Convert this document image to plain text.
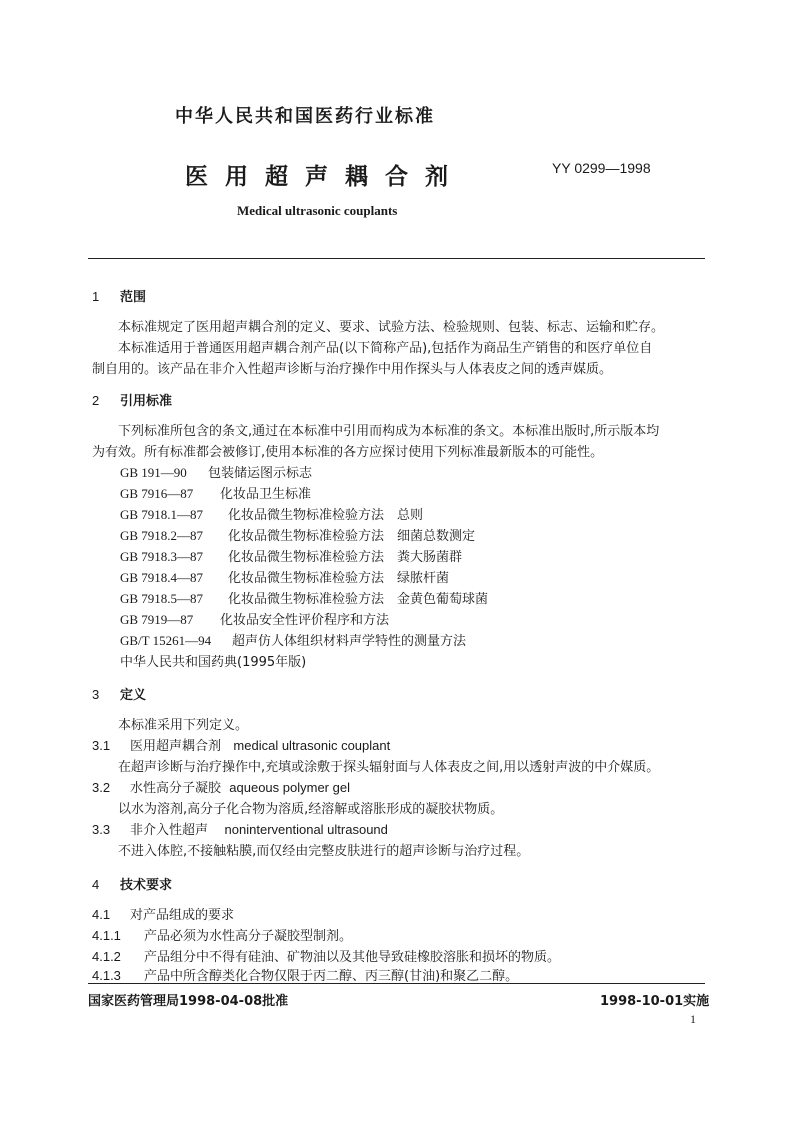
中华人民共和国医药行业标准
医用超声耦合剂	YY 0299—1998
Medical ultrasonic couplants
1 范围
本标准规定了医用超声耦合剂的定义、要求、试验方法、检验规则、包装、标志、运输和贮存。
本标准适用于普通医用超声耦合剂产品(以下简称产品),包括作为商品生产销售的和医疗单位自
制自用的。该产品在非介入性超声诊断与治疗操作中用作探头与人体表皮之间的透声媒质。
2 引用标准
下列标准所包含的条文,通过在本标准中引用而构成为本标准的条文。本标准出版时,所示版本均
为有效。所有标准都会被修订,使用本标准的各方应探讨使用下列标准最新版本的可能性。
GB 191—90 包装储运图示标志
GB 7916—87 化妆品卫生标准
GB 7918.1—87 化妆品微生物标准检验方法　总则
GB 7918.2—87 化妆品微生物标准检验方法　细菌总数测定
GB 7918.3—87 化妆品微生物标准检验方法　粪大肠菌群
GB 7918.4—87 化妆品微生物标准检验方法　绿脓杆菌
GB 7918.5—87 化妆品微生物标准检验方法　金黄色葡萄球菌
GB 7919—87 化妆品安全性评价程序和方法
GB/T 15261—94 超声仿人体组织材料声学特性的测量方法
中华人民共和国药典(1995年版)
3 定义
本标准采用下列定义。
3.1 医用超声耦合剂 medical ultrasonic couplant
在超声诊断与治疗操作中,充填或涂敷于探头辐射面与人体表皮之间,用以透射声波的中介媒质。
3.2 水性高分子凝胶 aqueous polymer gel
以水为溶剂,高分子化合物为溶质,经溶解或溶胀形成的凝胶状物质。
3.3 非介入性超声 noninterventional ultrasound
不进入体腔,不接触粘膜,而仅经由完整皮肤进行的超声诊断与治疗过程。
4 技术要求
4.1 对产品组成的要求
4.1.1 产品必须为水性高分子凝胶型制剂。
4.1.2 产品组分中不得有硅油、矿物油以及其他导致硅橡胶溶胀和损坏的物质。
4.1.3 产品中所含醇类化合物仅限于丙二醇、丙三醇(甘油)和聚乙二醇。
国家医药管理局1998-04-08批准	1998-10-01实施
1
